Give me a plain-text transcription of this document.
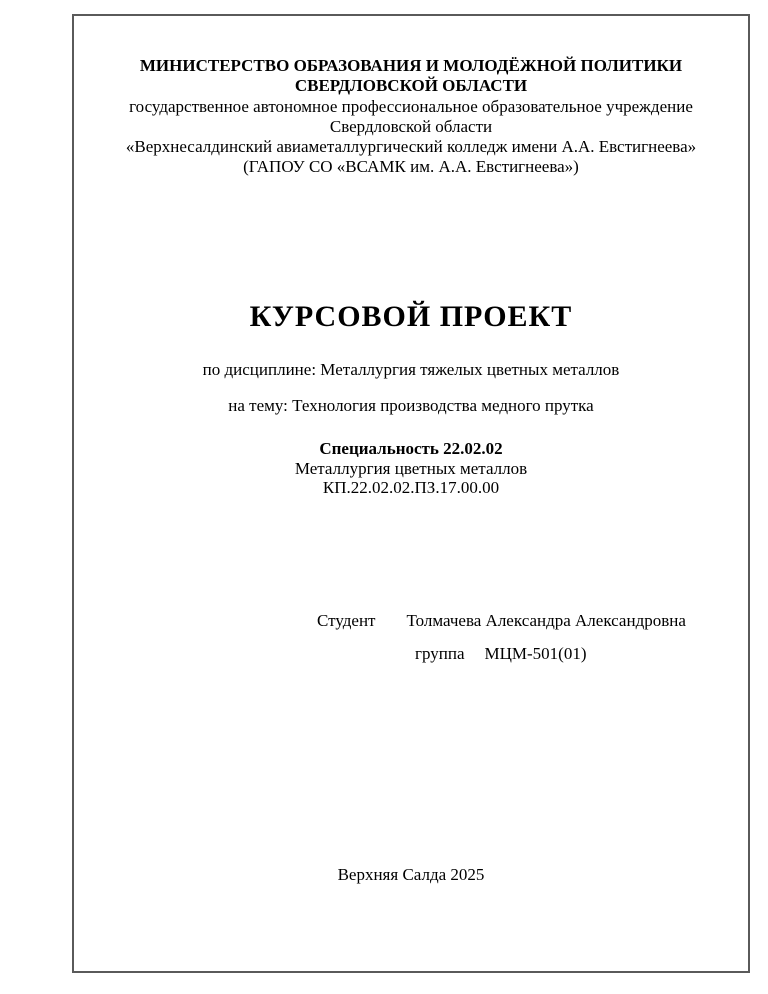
МИНИСТЕРСТВО ОБРАЗОВАНИЯ И МОЛОДЁЖНОЙ ПОЛИТИКИ
СВЕРДЛОВСКОЙ ОБЛАСТИ
государственное автономное профессиональное образовательное учреждение
Свердловской области
«Верхнесалдинский авиаметаллургический колледж имени А.А. Евстигнеева»
(ГАПОУ СО «ВСАМК им. А.А. Евстигнеева»)
КУРСОВОЙ ПРОЕКТ
по дисциплине: Металлургия тяжелых цветных металлов
на тему: Технология производства медного прутка
Специальность 22.02.02
Металлургия цветных металлов
КП.22.02.02.ПЗ.17.00.00
Студент Толмачева Александра Александровна
группа МЦМ-501(01)
Верхняя Салда 2025
